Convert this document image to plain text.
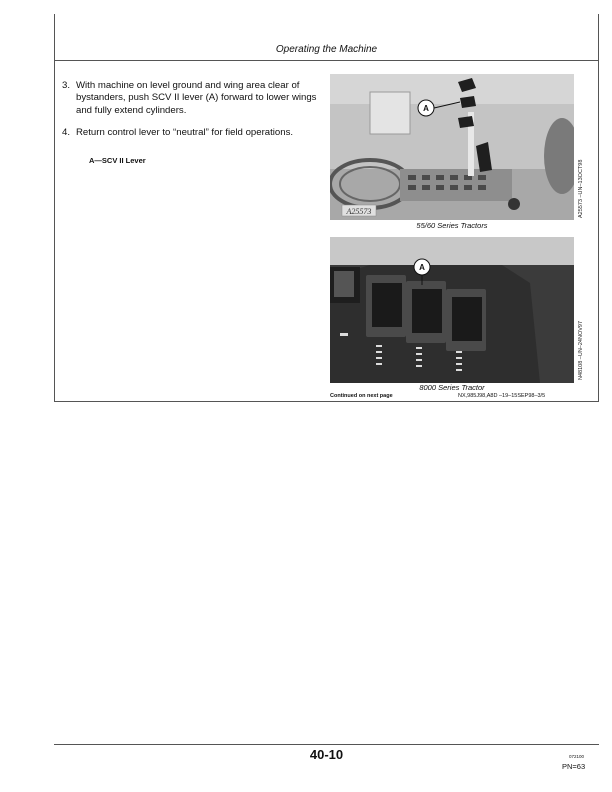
Operating the Machine
3. With machine on level ground and wing area clear of bystanders, push SCV II lever (A) forward to lower wings and fully extend cylinders.
4. Return control lever to “neutral” for field operations.
A—SCV II Lever
A
A25573	A25573 –UN–13OCT98
55/60 Series Tractors
A
N48108 –UN–24NOV97
8000 Series Tractor
Continued on next page	NX,985J98,A8D –19–15SEP98–3/5
40-10	072100
PN=63
